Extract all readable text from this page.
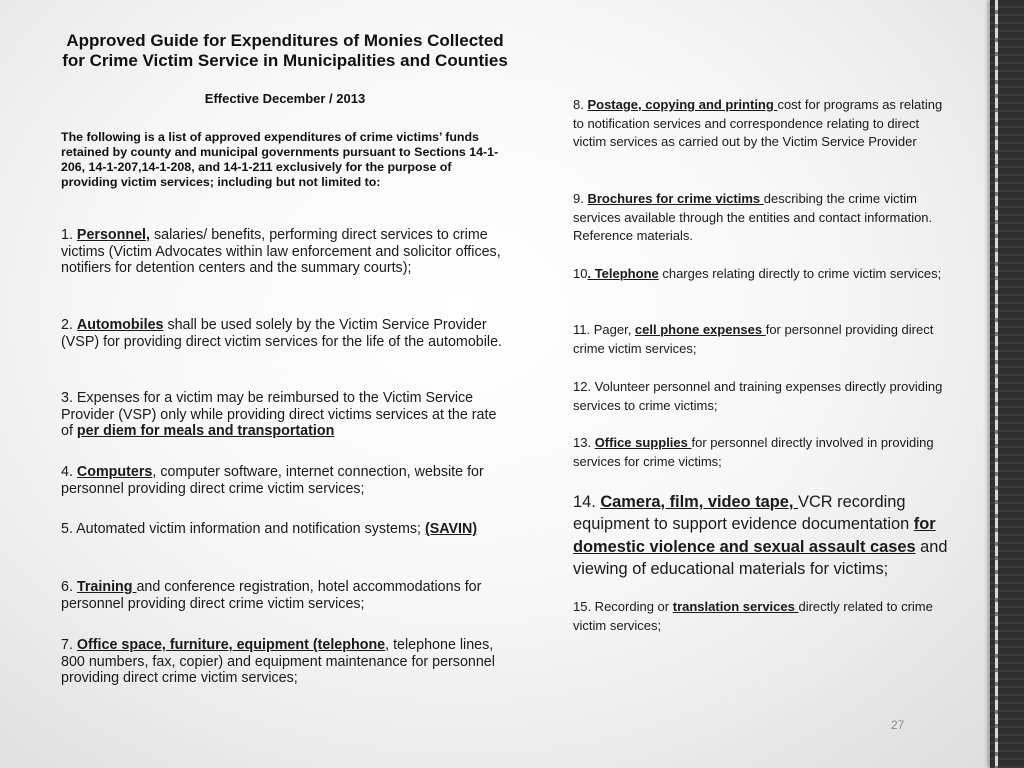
Approved Guide for Expenditures of Monies Collected for Crime Victim Service in Municipalities and Counties
Effective December / 2013
The following is a list of approved expenditures of crime victims’ funds retained by county and municipal governments pursuant to Sections 14-1-206, 14-1-207,14-1-208, and 14-1-211 exclusively for the purpose of providing victim services; including but not limited to:
1. Personnel, salaries/ benefits, performing direct services to crime victims (Victim Advocates within law enforcement and solicitor offices, notifiers for detention centers and the summary courts);
2. Automobiles shall be used solely by the Victim Service Provider (VSP) for providing direct victim services for the life of the automobile.
3. Expenses for a victim may be reimbursed to the Victim Service Provider (VSP) only while providing direct victims services at the rate of per diem for meals and transportation
4. Computers, computer software, internet connection, website for personnel providing direct crime victim services;
5. Automated victim information and notification systems; (SAVIN)
6. Training and conference registration, hotel accommodations for personnel providing direct crime victim services;
7. Office space, furniture, equipment (telephone, telephone lines, 800 numbers, fax, copier) and equipment maintenance for personnel providing direct crime victim services;
8. Postage, copying and printing cost for programs as relating to notification services and correspondence relating to direct victim services as carried out by the Victim Service Provider
9. Brochures for crime victims describing the crime victim services available through the entities and contact information. Reference materials.
10. Telephone charges relating directly to crime victim services;
11. Pager, cell phone expenses for personnel providing direct crime victim services;
12. Volunteer personnel and training expenses directly providing services to crime victims;
13. Office supplies for personnel directly involved in providing services for crime victims;
14. Camera, film, video tape, VCR recording equipment to support evidence documentation for domestic violence and sexual assault cases and viewing of educational materials for victims;
15. Recording or translation services directly related to crime victim services;
27
